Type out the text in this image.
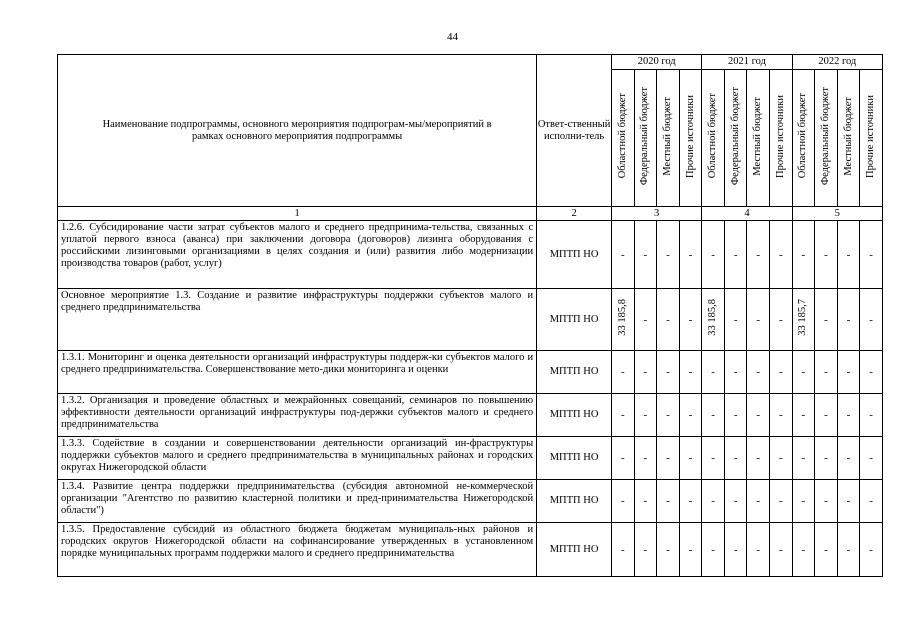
44
Наименование подпрограммы, основного мероприятия подпрограм-мы/мероприятий в рамках основного мероприятия подпрограммы	Ответ-ственный исполни-тель	2020 год				2021 год				2022 год			
		Областной бюджет	Федеральный бюджет	Местный бюджет	Прочие источники	Областной бюджет	Федеральный бюджет	Местный бюджет	Прочие источники	Областной бюджет	Федеральный бюджет	Местный бюджет	Прочие источники
1	2	3				4				5			
1.2.6. Субсидирование части затрат субъектов малого и среднего предпринима-тельства, связанных с уплатой первого взноса (аванса) при заключении договора (договоров) лизинга оборудования с российскими лизинговыми организациями в целях создания и (или) развития либо модернизации производства товаров (работ, услуг)	МПТП НО	-	-	-	-	-	-	-	-	-	-	-	-
Основное мероприятие 1.3. Создание и развитие инфраструктуры поддержки субъектов малого и среднего предпринимательства	МПТП НО	33 185,8	-	-	-	33 185,8	-	-	-	33 185,7	-	-	-
1.3.1. Мониторинг и оценка деятельности организаций инфраструктуры поддерж-ки субъектов малого и среднего предпринимательства. Совершенствование мето-дики мониторинга и оценки	МПТП НО	-	-	-	-	-	-	-	-	-	-	-	-
1.3.2. Организация и проведение областных и межрайонных совещаний, семинаров по повышению эффективности деятельности организаций инфраструктуры под-держки субъектов малого и среднего предпринимательства	МПТП НО	-	-	-	-	-	-	-	-	-	-	-	-
1.3.3. Содействие в создании и совершенствовании деятельности организаций ин-фраструктуры поддержки субъектов малого и среднего предпринимательства в муниципальных районах и городских округах Нижегородской области	МПТП НО	-	-	-	-	-	-	-	-	-	-	-	-
1.3.4. Развитие центра поддержки предпринимательства (субсидия автономной не-коммерческой организации "Агентство по развитию кластерной политики и пред-принимательства Нижегородской области")	МПТП НО	-	-	-	-	-	-	-	-	-	-	-	-
1.3.5. Предоставление субсидий из областного бюджета бюджетам муниципаль-ных районов и городских округов Нижегородской области на софинансирование утвержденных в установленном порядке муниципальных программ поддержки малого и среднего предпринимательства	МПТП НО	-	-	-	-	-	-	-	-	-	-	-	-
